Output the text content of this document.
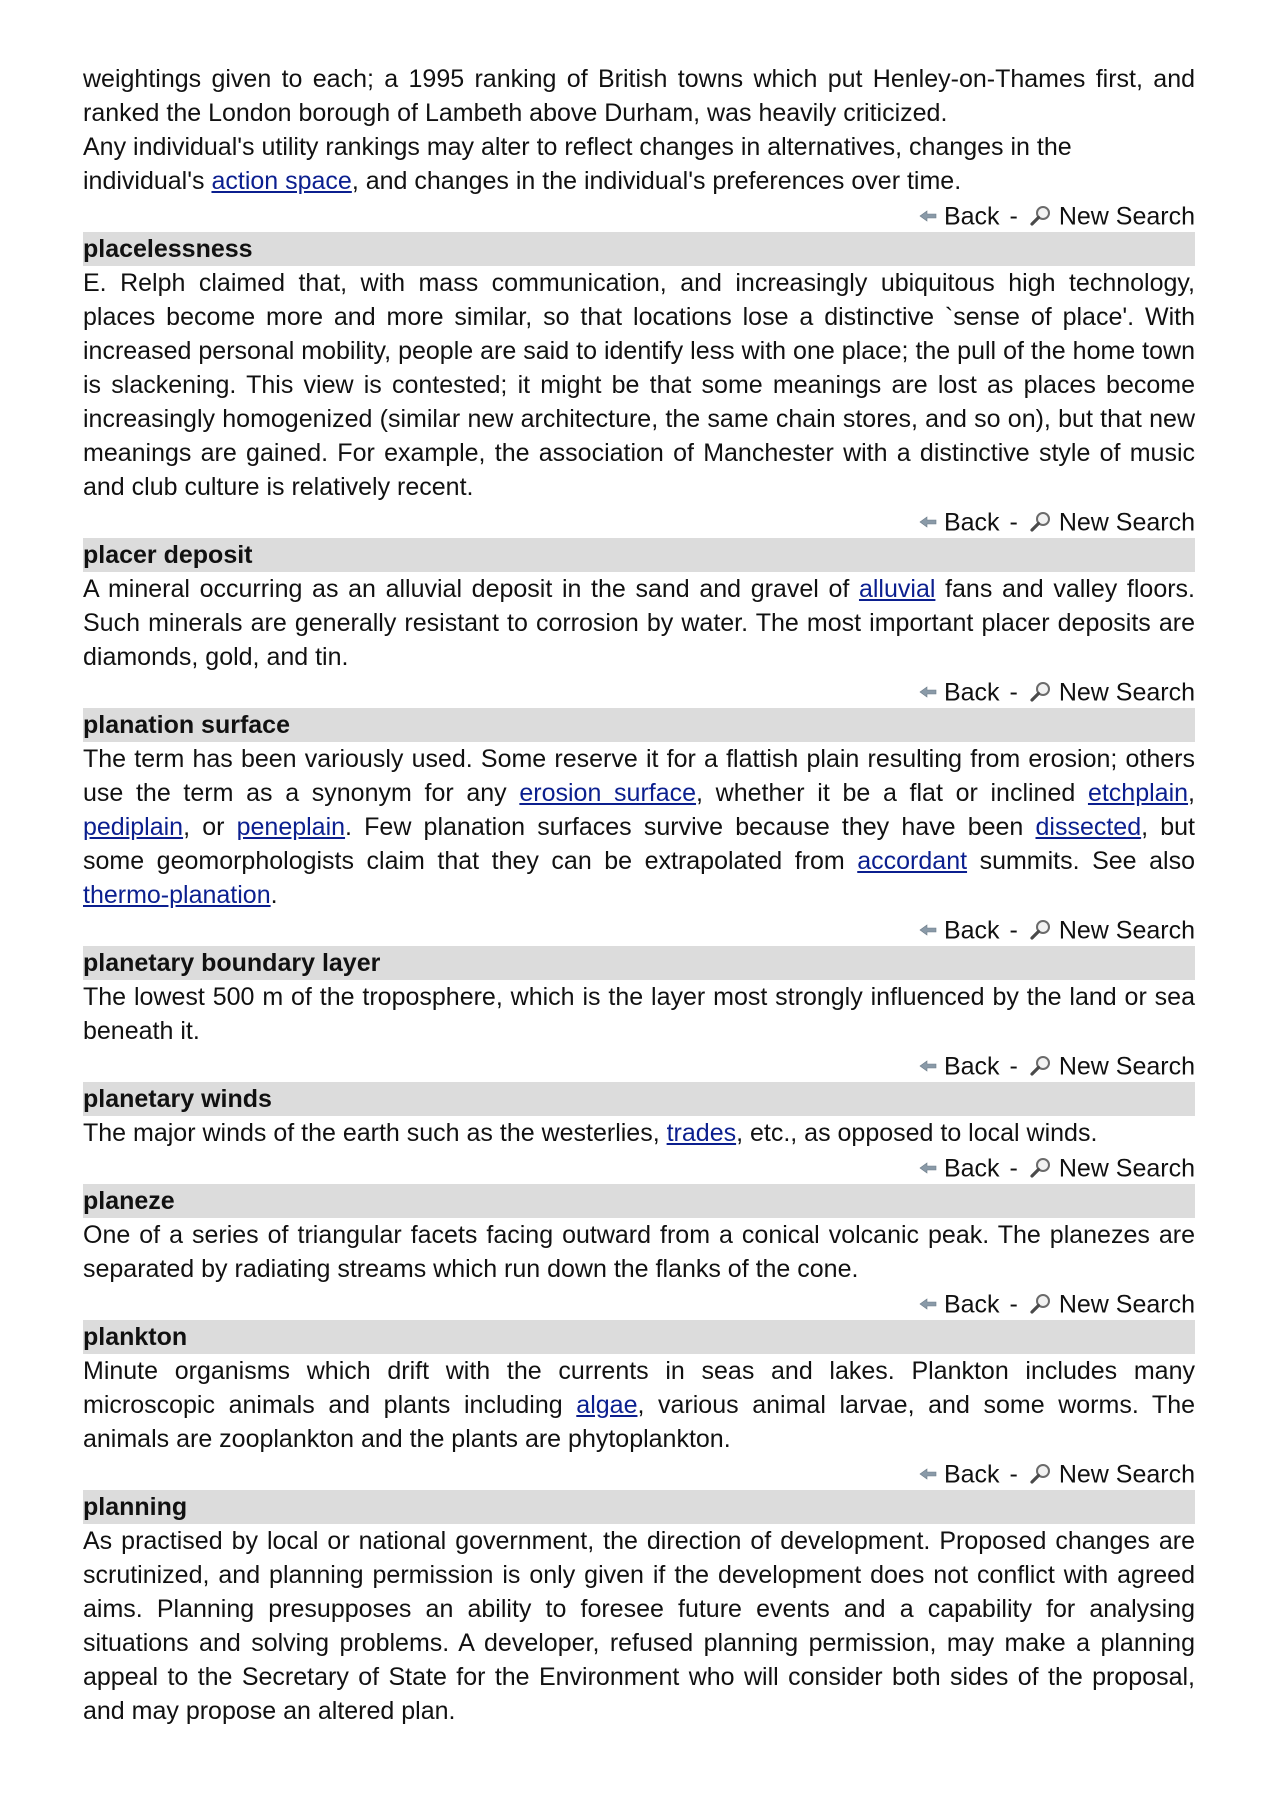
weightings given to each; a 1995 ranking of British towns which put Henley-on-Thames first, and ranked the London borough of Lambeth above Durham, was heavily criticized.

Any individual's utility rankings may alter to reflect changes in alternatives, changes in the individual's action space, and changes in the individual's preferences over time.

Back - New Search
placelessness

E. Relph claimed that, with mass communication, and increasingly ubiquitous high technology, places become more and more similar, so that locations lose a distinctive `sense of place'. With increased personal mobility, people are said to identify less with one place; the pull of the home town is slackening. This view is contested; it might be that some meanings are lost as places become increasingly homogenized (similar new architecture, the same chain stores, and so on), but that new meanings are gained. For example, the association of Manchester with a distinctive style of music and club culture is relatively recent.

Back - New Search
placer deposit

A mineral occurring as an alluvial deposit in the sand and gravel of alluvial fans and valley floors. Such minerals are generally resistant to corrosion by water. The most important placer deposits are diamonds, gold, and tin.

Back - New Search
planation surface

The term has been variously used. Some reserve it for a flattish plain resulting from erosion; others use the term as a synonym for any erosion surface, whether it be a flat or inclined etchplain, pediplain, or peneplain. Few planation surfaces survive because they have been dissected, but some geomorphologists claim that they can be extrapolated from accordant summits. See also thermo-planation.

Back - New Search
planetary boundary layer

The lowest 500 m of the troposphere, which is the layer most strongly influenced by the land or sea beneath it.

Back - New Search
planetary winds

The major winds of the earth such as the westerlies, trades, etc., as opposed to local winds.

Back - New Search
planeze

One of a series of triangular facets facing outward from a conical volcanic peak. The planezes are separated by radiating streams which run down the flanks of the cone.

Back - New Search
plankton

Minute organisms which drift with the currents in seas and lakes. Plankton includes many microscopic animals and plants including algae, various animal larvae, and some worms. The animals are zooplankton and the plants are phytoplankton.

Back - New Search
planning

As practised by local or national government, the direction of development. Proposed changes are scrutinized, and planning permission is only given if the development does not conflict with agreed aims. Planning presupposes an ability to foresee future events and a capability for analysing situations and solving problems. A developer, refused planning permission, may make a planning appeal to the Secretary of State for the Environment who will consider both sides of the proposal, and may propose an altered plan.
